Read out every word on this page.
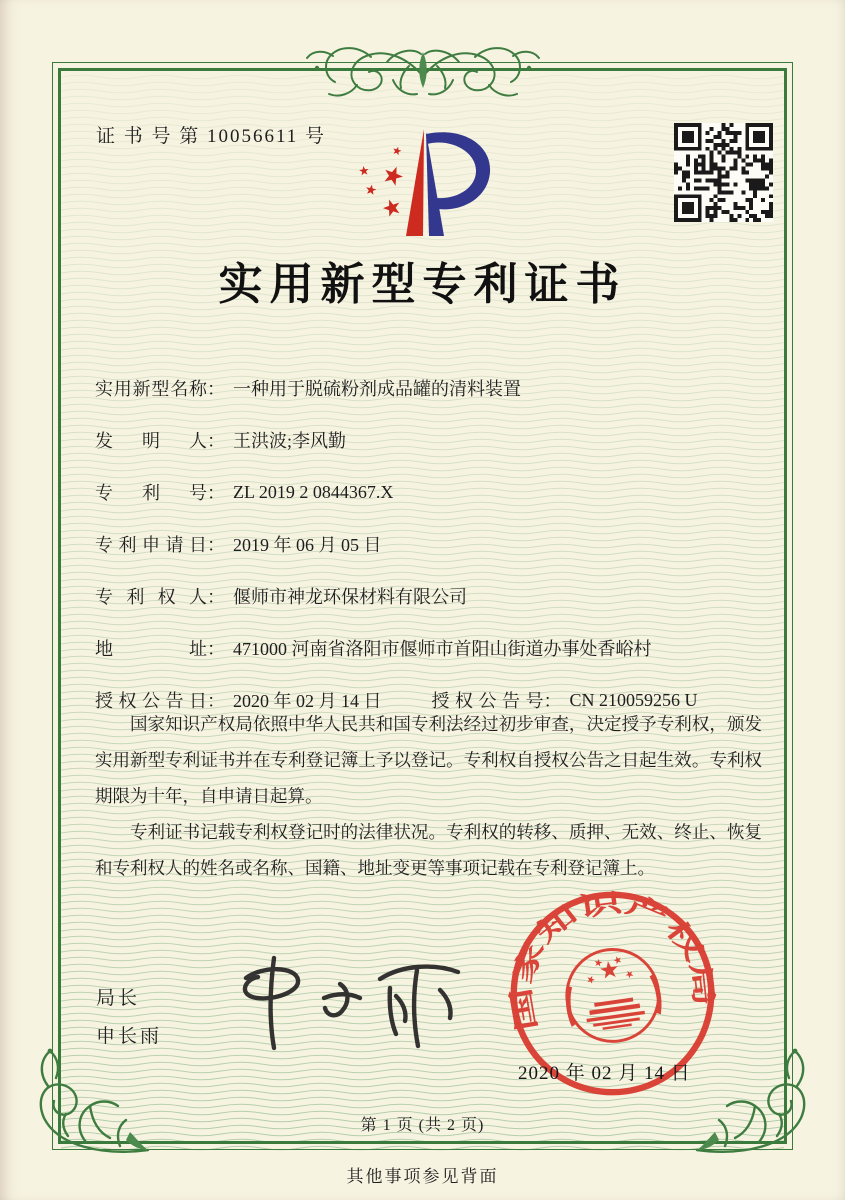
证 书 号 第 10056611 号
实用新型专利证书
实用新型名称 ： 一种用于脱硫粉剂成品罐的清料装置
发明人 ： 王洪波;李风勤
专利号 ： ZL 2019 2 0844367.X
专利申请日 ： 2019 年 06 月 05 日
专利权人 ： 偃师市神龙环保材料有限公司
地址 ： 471000 河南省洛阳市偃师市首阳山街道办事处香峪村
授权公告日 ： 2020 年 02 月 14 日	授权公告号 ： CN 210059256 U

国家知识产权局依照中华人民共和国专利法经过初步审查，决定授予专利权，颁发实用新型专利证书并在专利登记簿上予以登记。专利权自授权公告之日起生效。专利权期限为十年，自申请日起算。

专利证书记载专利权登记时的法律状况。专利权的转移、质押、无效、终止、恢复和专利权人的姓名或名称、国籍、地址变更等事项记载在专利登记簿上。

局长
申长雨
国家知识产权局
2020 年 02 月 14 日
第 1 页 (共 2 页)
其他事项参见背面
